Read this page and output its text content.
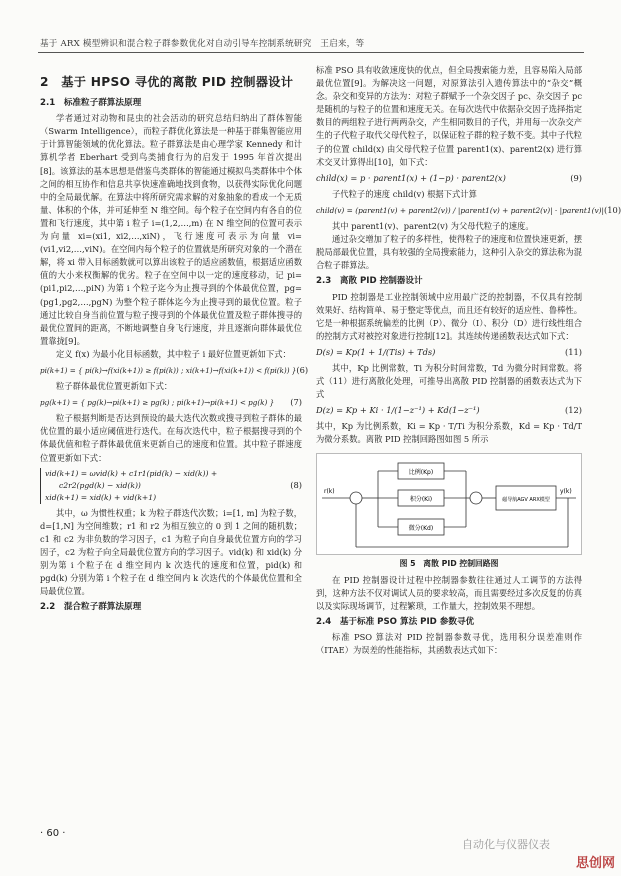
基于 ARX 模型辨识和混合粒子群参数优化对自动引导车控制系统研究　王启来，等
2　基于 HPSO 寻优的离散 PID 控制器设计
2.1　标准粒子群算法原理

学者通过对动物和昆虫的社会活动的研究总结归纳出了群体智能（Swarm Intelligence），而粒子群优化算法是一种基于群集智能应用于计算智能领域的优化算法。粒子群算法是由心理学家 Kennedy 和计算机学者 Eberhart 受到鸟类捕食行为的启发于 1995 年首次提出[8]。该算法的基本思想是借鉴鸟类群体的智能通过模拟鸟类群体中个体之间的相互协作和信息共享快速准确地找到食物，以获得实际优化问题中的全局最优解。在算法中将所研究需求解的对象抽象的看成一个无质量、体积的个体，并可延伸至 N 维空间。每个粒子在空间内有各自的位置和飞行速度，其中第 i 粒子 i=(1,2,…,m) 在 N 维空间的位置可表示为向量 xi=(xi1, xi2,…,xiN)，飞行速度可表示为向量 vi=(vi1,vi2,…,viN)。在空间内每个粒子的位置就是所研究对象的一个潜在解，将 xi 带入目标函数就可以算出该粒子的适应函数值，根据适应函数值的大小来权衡解的优劣。粒子在空间中以一定的速度移动，记 pi=(pi1,pi2,…,piN) 为第 i 个粒子迄今为止搜寻到的个体最优位置，pg=(pg1,pg2,…,pgN) 为整个粒子群体迄今为止搜寻到的最优位置。粒子通过比较自身当前位置与粒子搜寻到的个体最优位置及粒子群体搜寻的最优位置间的距离，不断地调整自身飞行速度，并且逐渐向群体最优位置靠拢[9]。

定义 f(x) 为最小化目标函数，其中粒子 i 最好位置更新如下式：

pi(k+1) = { pi(k)→f(xi(k+1)) ≥ f(pi(k)) ; xi(k+1)→f(xi(k+1)) < f(pi(k)) } (6)

粒子群体最优位置更新如下式：

pg(k+1) = { pg(k)→pi(k+1) ≥ pg(k) ; pi(k+1)→pi(k+1) < pg(k) } (7)

粒子根据判断是否达到预设的最大迭代次数或搜寻到粒子群体的最优位置的最小适应阈值进行迭代。在每次迭代中，粒子根据搜寻到的个体最优值和粒子群体最优值来更新自己的速度和位置。其中粒子群速度位置更新如下式：

vid(k+1) = ωvid(k) + c1r1(pid(k) − xid(k)) +
c2r2(pgd(k) − xid(k))
xid(k+1) = xid(k) + vid(k+1)
(8)

其中，ω 为惯性权重；k 为粒子群迭代次数；i=[1, m] 为粒子数，d=[1,N] 为空间维数；r1 和 r2 为相互独立的 0 到 1 之间的随机数；c1 和 c2 为非负数的学习因子，c1 为粒子向自身最优位置方向的学习因子，c2 为粒子向全局最优位置方向的学习因子。vid(k) 和 xid(k) 分别为第 i 个粒子在 d 维空间内 k 次迭代的速度和位置，pid(k) 和 pgd(k) 分别为第 i 个粒子在 d 维空间内 k 次迭代的个体最优位置和全局最优位置。

2.2　混合粒子群算法原理

标准 PSO 具有收敛速度快的优点，但全局搜索能力差，且容易陷入局部最优位置[9]。为解决这一问题，对原算法引入遗传算法中的“杂交”概念。杂交和变异的方法为：对粒子群赋予一个杂交因子 pc、杂交因子 pc 是随机的与粒子的位置和速度无关。在每次迭代中依据杂交因子选择指定数目的两组粒子进行两两杂交，产生相同数目的子代，并用每一次杂交产生的子代粒子取代父母代粒子，以保证粒子群的粒子数不变。其中子代粒子的位置 child(x) 由父母代粒子位置 parent1(x)、parent2(x) 进行算术交叉计算得出[10]，如下式：

child(x) = p · parent1(x) + (1−p) · parent2(x)	(9)

子代粒子的速度 child(v) 根据下式计算

child(v) = (parent1(v) + parent2(v)) / |parent1(v) + parent2(v)| · |parent1(v)| (10)

其中 parent1(v)、parent2(v) 为父母代粒子的速度。

通过杂交增加了粒子的多样性，使得粒子的速度和位置快速更新，摆脱局部最优位置，具有较强的全局搜索能力，这种引入杂交的算法称为混合粒子群算法。

2.3　离散 PID 控制器设计

PID 控制器是工业控制领域中应用最广泛的控制器，不仅具有控制效果好、结构简单、易于整定等优点，而且还有较好的适应性、鲁棒性。它是一种根据系统偏差的比例（P）、微分（I）、积分（D）进行线性组合的控制方式对被控对象进行控制[12]。其连续传递函数表达式如下式：

D(s) = Kp(1 + 1/(Tis) + Tds)	(11)

其中，Kp 比例常数，Ti 为积分时间常数，Td 为微分时间常数。将式（11）进行离散化处理，可推导出离散 PID 控制器的函数表达式为下式

D(z) = Kp + Ki · 1/(1−z⁻¹) + Kd(1−z⁻¹)	(12)

其中，Kp 为比例系数，Ki = Kp · T/Ti 为积分系数，Kd = Kp · Td/T 为微分系数。离散 PID 控制回路图如图 5 所示

r(k)	y(k)
比例(Kp)
积分(Ki)
微分(Kd)
磁导航AGV ARX模型
图 5　离散 PID 控制回路图

在 PID 控制器设计过程中控制器参数往往通过人工调节的方法得到，这种方法不仅对调试人员的要求较高，而且需要经过多次反复的仿真以及实际现场调节，过程繁琐，工作量大，控制效果不理想。

2.4　基于标准 PSO 算法 PID 参数寻优

标准 PSO 算法对 PID 控制器参数寻优，选用积分误差准则作（ITAE）为误差的性能指标，其函数表达式如下：

· 60 ·
自动化与仪器仪表
思创网
